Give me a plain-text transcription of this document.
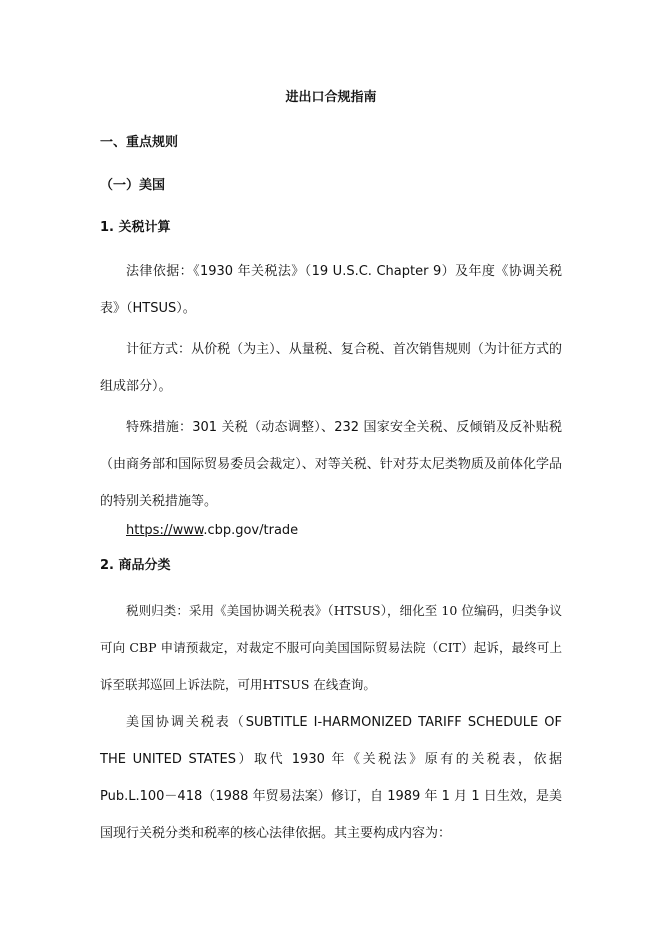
进出口合规指南
一、重点规则
（一）美国
1. 关税计算

法律依据：《1930 年关税法》（19 U.S.C. Chapter 9）及年度《协调关税表》（HTSUS）。

计征方式：从价税（为主）、从量税、复合税、首次销售规则（为计征方式的组成部分）。

特殊措施：301 关税（动态调整）、232 国家安全关税、反倾销及反补贴税（由商务部和国际贸易委员会裁定）、对等关税、针对芬太尼类物质及前体化学品的特别关税措施等。

https://www.cbp.gov/trade
2. 商品分类

税则归类：采用《美国协调关税表》（HTSUS），细化至 10 位编码，归类争议可向 CBP 申请预裁定，对裁定不服可向美国国际贸易法院（CIT）起诉，最终可上诉至联邦巡回上诉法院，可用HTSUS 在线查询。

美国协调关税表（SUBTITLE I-HARMONIZED TARIFF SCHEDULE OF THE UNITED STATES）取代 1930 年《关税法》原有的关税表，依据 Pub.L.100－418（1988 年贸易法案）修订，自 1989 年 1 月 1 日生效，是美国现行关税分类和税率的核心法律依据。其主要构成内容为：
